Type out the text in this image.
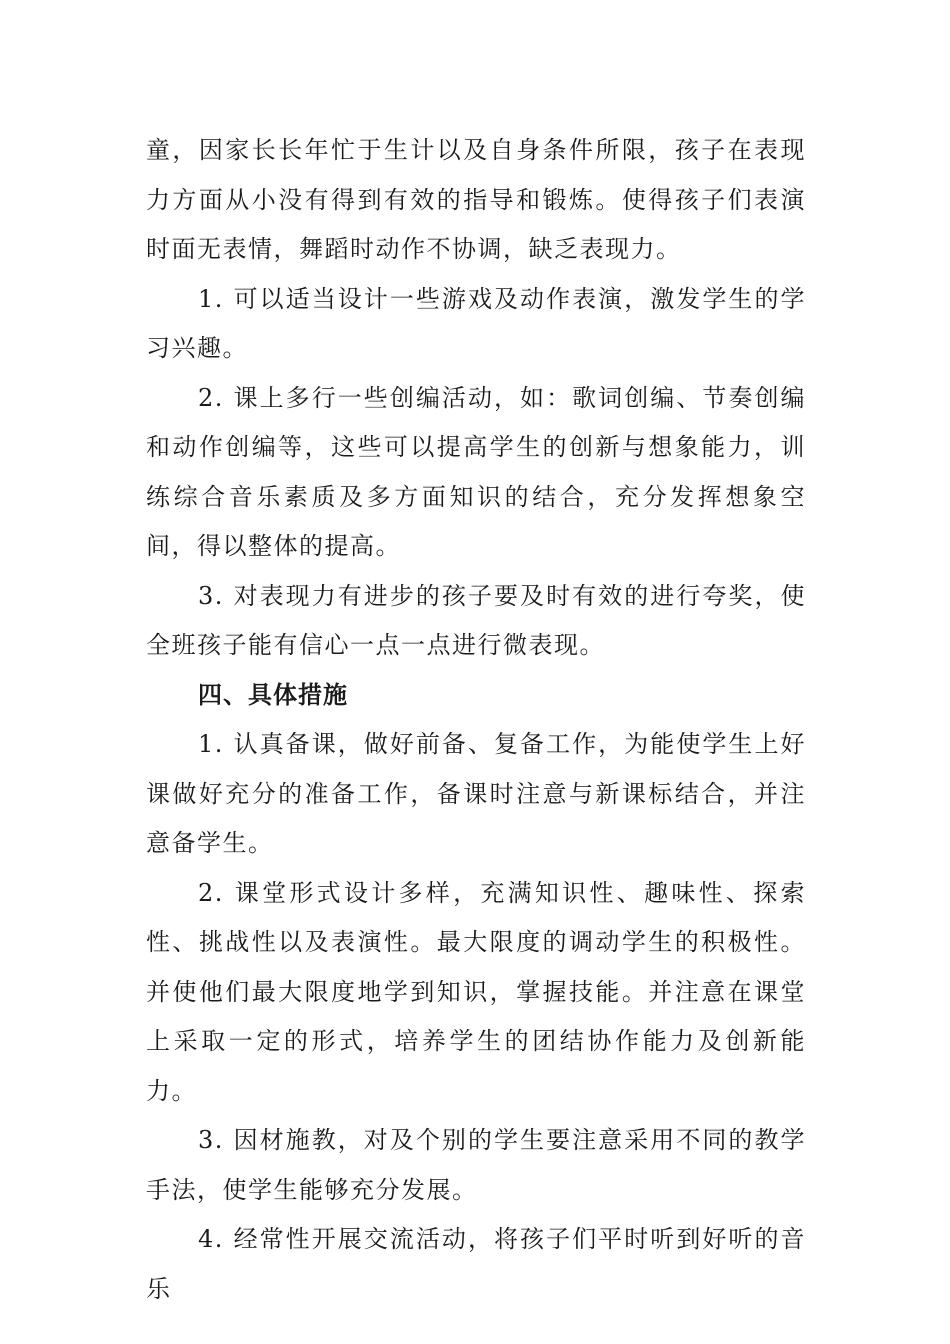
童，因家长长年忙于生计以及自身条件所限，孩子在表现力方面从小没有得到有效的指导和锻炼。使得孩子们表演时面无表情，舞蹈时动作不协调，缺乏表现力。

1. 可以适当设计一些游戏及动作表演，激发学生的学习兴趣。

2. 课上多行一些创编活动，如：歌词创编、节奏创编和动作创编等，这些可以提高学生的创新与想象能力，训练综合音乐素质及多方面知识的结合，充分发挥想象空间，得以整体的提高。

3. 对表现力有进步的孩子要及时有效的进行夸奖，使全班孩子能有信心一点一点进行微表现。

四、具体措施

1. 认真备课，做好前备、复备工作，为能使学生上好课做好充分的准备工作，备课时注意与新课标结合，并注意备学生。

2. 课堂形式设计多样，充满知识性、趣味性、探索性、挑战性以及表演性。最大限度的调动学生的积极性。并使他们最大限度地学到知识，掌握技能。并注意在课堂上采取一定的形式，培养学生的团结协作能力及创新能力。

3. 因材施教，对及个别的学生要注意采用不同的教学手法，使学生能够充分发展。

4. 经常性开展交流活动，将孩子们平时听到好听的音乐
